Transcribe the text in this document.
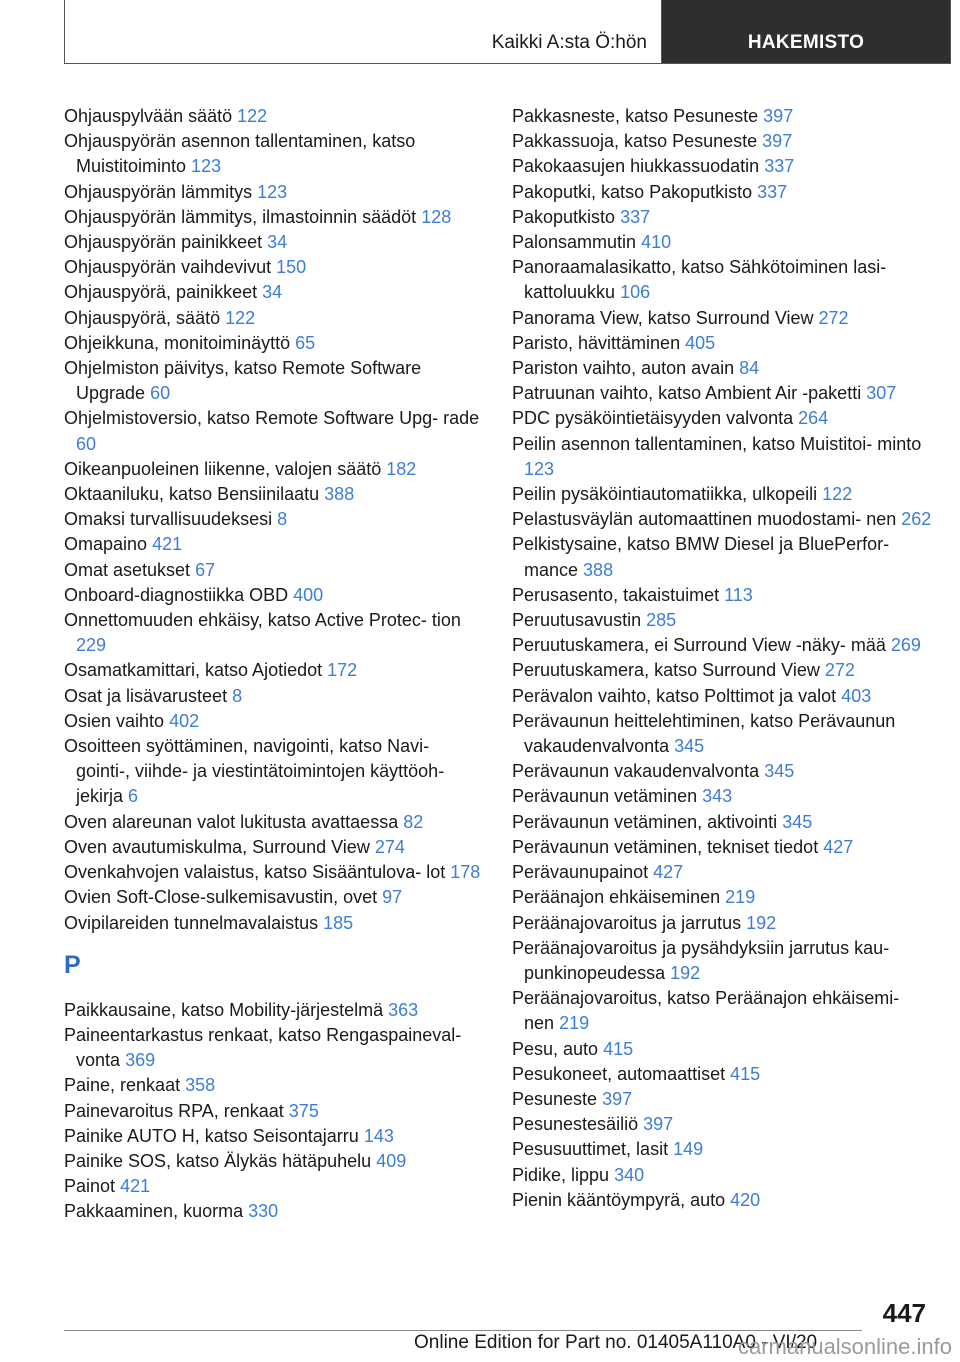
Kaikki A:sta Ö:hön	HAKEMISTO
Ohjauspylvään säätö 122
Ohjauspyörän asennon tallentaminen, katso Muistitoiminto 123
Ohjauspyörän lämmitys 123
Ohjauspyörän lämmitys, ilmastoinnin säädöt 128
Ohjauspyörän painikkeet 34
Ohjauspyörän vaihdevivut 150
Ohjauspyörä, painikkeet 34
Ohjauspyörä, säätö 122
Ohjeikkuna, monitoiminäyttö 65
Ohjelmiston päivitys, katso Remote Software Upgrade 60
Ohjelmistoversio, katso Remote Software Upg‐ rade 60
Oikeanpuoleinen liikenne, valojen säätö 182
Oktaaniluku, katso Bensiinilaatu 388
Omaksi turvallisuudeksesi 8
Omapaino 421
Omat asetukset 67
Onboard-diagnostiikka OBD 400
Onnettomuuden ehkäisy, katso Active Protec‐ tion 229
Osamatkamittari, katso Ajotiedot 172
Osat ja lisävarusteet 8
Osien vaihto 402
Osoitteen syöttäminen, navigointi, katso Navi‐ gointi-, viihde- ja viestintätoimintojen käyttöoh‐ jekirja 6
Oven alareunan valot lukitusta avattaessa 82
Oven avautumiskulma, Surround View 274
Ovenkahvojen valaistus, katso Sisääntulova‐ lot 178
Ovien Soft-Close-sulkemisavustin, ovet 97
Ovipilareiden tunnelmavalaistus 185
P
Paikkausaine, katso Mobility-järjestelmä 363
Paineentarkastus renkaat, katso Rengaspaineval‐ vonta 369
Paine, renkaat 358
Painevaroitus RPA, renkaat 375
Painike AUTO H, katso Seisontajarru 143
Painike SOS, katso Älykäs hätäpuhelu 409
Painot 421
Pakkaaminen, kuorma 330
Pakkasneste, katso Pesuneste 397
Pakkassuoja, katso Pesuneste 397
Pakokaasujen hiukkassuodatin 337
Pakoputki, katso Pakoputkisto 337
Pakoputkisto 337
Palonsammutin 410
Panoraamalasikatto, katso Sähkötoiminen lasi‐ kattoluukku 106
Panorama View, katso Surround View 272
Paristo, hävittäminen 405
Pariston vaihto, auton avain 84
Patruunan vaihto, katso Ambient Air -paketti 307
PDC pysäköintietäisyyden valvonta 264
Peilin asennon tallentaminen, katso Muistitoi‐ minto 123
Peilin pysäköintiautomatiikka, ulkopeili 122
Pelastusväylän automaattinen muodostami‐ nen 262
Pelkistysaine, katso BMW Diesel ja BluePerfor‐ mance 388
Perusasento, takaistuimet 113
Peruutusavustin 285
Peruutuskamera, ei Surround View -näky‐ mää 269
Peruutuskamera, katso Surround View 272
Perävalon vaihto, katso Polttimot ja valot 403
Perävaunun heittelehtiminen, katso Perävaunun vakaudenvalvonta 345
Perävaunun vakaudenvalvonta 345
Perävaunun vetäminen 343
Perävaunun vetäminen, aktivointi 345
Perävaunun vetäminen, tekniset tiedot 427
Perävaunupainot 427
Peräänajon ehkäiseminen 219
Peräänajovaroitus ja jarrutus 192
Peräänajovaroitus ja pysähdyksiin jarrutus kau‐ punkinopeudessa 192
Peräänajovaroitus, katso Peräänajon ehkäisemi‐ nen 219
Pesu, auto 415
Pesukoneet, automaattiset 415
Pesuneste 397
Pesunestesäiliö 397
Pesusuuttimet, lasit 149
Pidike, lippu 340
Pienin kääntöympyrä, auto 420
447
Online Edition for Part no. 01405A110A0 - VI/20
carmanualsonline.info
